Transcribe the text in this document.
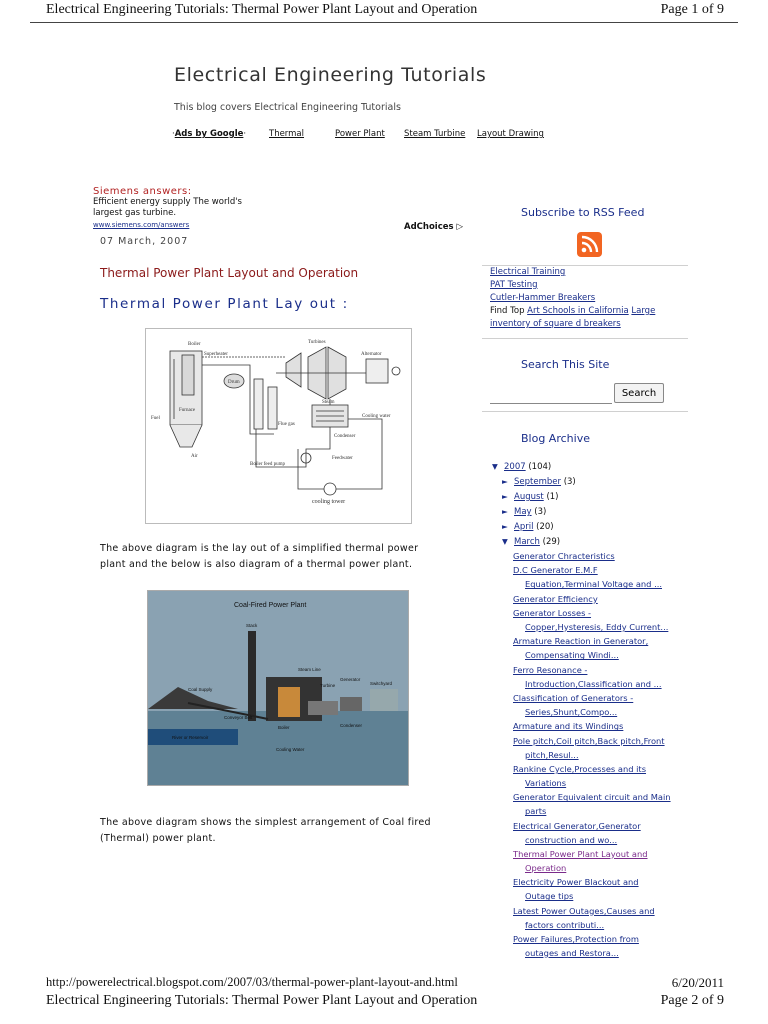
Electrical Engineering Tutorials: Thermal Power Plant Layout and Operation	Page 1 of 9
Electrical Engineering Tutorials
This blog covers Electrical Engineering Tutorials
·Ads by Google·	Thermal	Power Plant Steam Turbine Layout Drawing
Siemens answers:
Efficient energy supply The world's largest gas turbine.
www.siemens.com/answers	AdChoices ▷
07 March, 2007
Thermal Power Plant Layout and Operation
Thermal Power Plant Lay out :
Boiler
Superheater
Turbines
Alternator
Drum
Furnace
Fuel
Air
Flue gas
Steam
Cooling water
Condenser
Feedwater
Boiler feed pump
cooling tower
The above diagram is the lay out of a simplified thermal power plant and the below is also diagram of a thermal power plant.
Coal-Fired Power Plant
Stack
Steam Line
Generator
Turbine	Switchyard
Coal Supply
Conveyor Belt
Boiler	Condenser
River or Reservoir
Cooling Water
The above diagram shows the simplest arrangement of Coal fired (Thermal) power plant.
Subscribe to RSS Feed
Electrical Training
PAT Testing
Cutler-Hammer Breakers
Find Top Art Schools in California Large
inventory of square d breakers
Search This Site
Search
Blog Archive
▼ 2007
(104)
► September
(3)
► August
(1)
► May
(3)
► April
(20)
▼ March
(29)
Generator Chracteristics
D.C Generator E.M.F
Equation,Terminal Voltage and ...
Generator Efficiency
Generator Losses -
Copper,Hysteresis, Eddy Current...
Armature Reaction in Generator,
Compensating Windi...
Ferro Resonance -
Introduction,Classification and ...
Classification of Generators -
Series,Shunt,Compo...
Armature and its Windings
Pole pitch,Coil pitch,Back pitch,Front
pitch,Resul...
Rankine Cycle,Processes and its
Variations
Generator Equivalent circuit and Main
parts
Electrical Generator,Generator
construction and wo...
Thermal Power Plant Layout and
Operation
Electricity Power Blackout and
Outage tips
Latest Power Outages,Causes and
factors contributi...
Power Failures,Protection from
outages and Restora...
http://powerelectrical.blogspot.com/2007/03/thermal-power-plant-layout-and.html	6/20/2011
Electrical Engineering Tutorials: Thermal Power Plant Layout and Operation	Page 2 of 9
